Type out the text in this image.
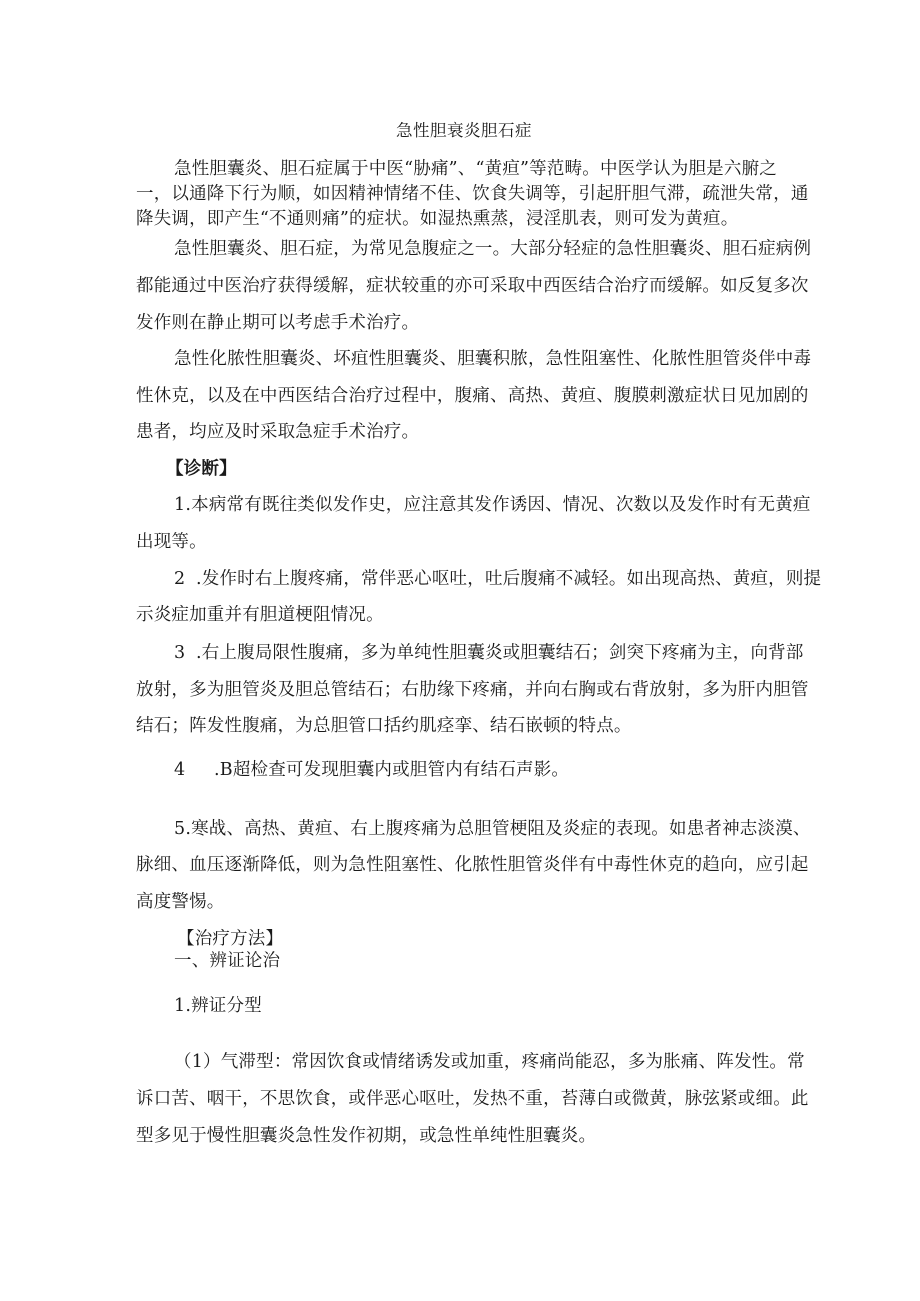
急性胆衰炎胆石症
急性胆囊炎、胆石症属于中医“胁痛”、“黄疸”等范畴。中医学认为胆是六腑之
一，以通降下行为顺，如因精神情绪不佳、饮食失调等，引起肝胆气滞，疏泄失常，通
降失调，即产生“不通则痛”的症状。如湿热熏蒸，浸淫肌表，则可发为黄疸。
急性胆囊炎、胆石症，为常见急腹症之一。大部分轻症的急性胆囊炎、胆石症病例
都能通过中医治疗获得缓解，症状较重的亦可采取中西医结合治疗而缓解。如反复多次
发作则在静止期可以考虑手术治疗。
急性化脓性胆囊炎、坏疽性胆囊炎、胆囊积脓，急性阻塞性、化脓性胆管炎伴中毒
性休克，以及在中西医结合治疗过程中，腹痛、高热、黄疸、腹膜刺激症状日见加剧的
患者，均应及时采取急症手术治疗。
【诊断】
1.本病常有既往类似发作史，应注意其发作诱因、情况、次数以及发作时有无黄疸
出现等。
2 .发作时右上腹疼痛，常伴恶心呕吐，吐后腹痛不减轻。如出现高热、黄疸，则提
示炎症加重并有胆道梗阻情况。
3 .右上腹局限性腹痛，多为单纯性胆囊炎或胆囊结石；剑突下疼痛为主，向背部
放射，多为胆管炎及胆总管结石；右肋缘下疼痛，并向右胸或右背放射，多为肝内胆管
结石；阵发性腹痛，为总胆管口括约肌痉挛、结石嵌顿的特点。
4 .B超检查可发现胆囊内或胆管内有结石声影。
5.寒战、高热、黄疸、右上腹疼痛为总胆管梗阻及炎症的表现。如患者神志淡漠、
脉细、血压逐渐降低，则为急性阻塞性、化脓性胆管炎伴有中毒性休克的趋向，应引起
高度警惕。
【治疗方法】
一、辨证论治
1.辨证分型
（1）气滞型：常因饮食或情绪诱发或加重，疼痛尚能忍，多为胀痛、阵发性。常
诉口苦、咽干，不思饮食，或伴恶心呕吐，发热不重，苔薄白或微黄，脉弦紧或细。此
型多见于慢性胆囊炎急性发作初期，或急性单纯性胆囊炎。
